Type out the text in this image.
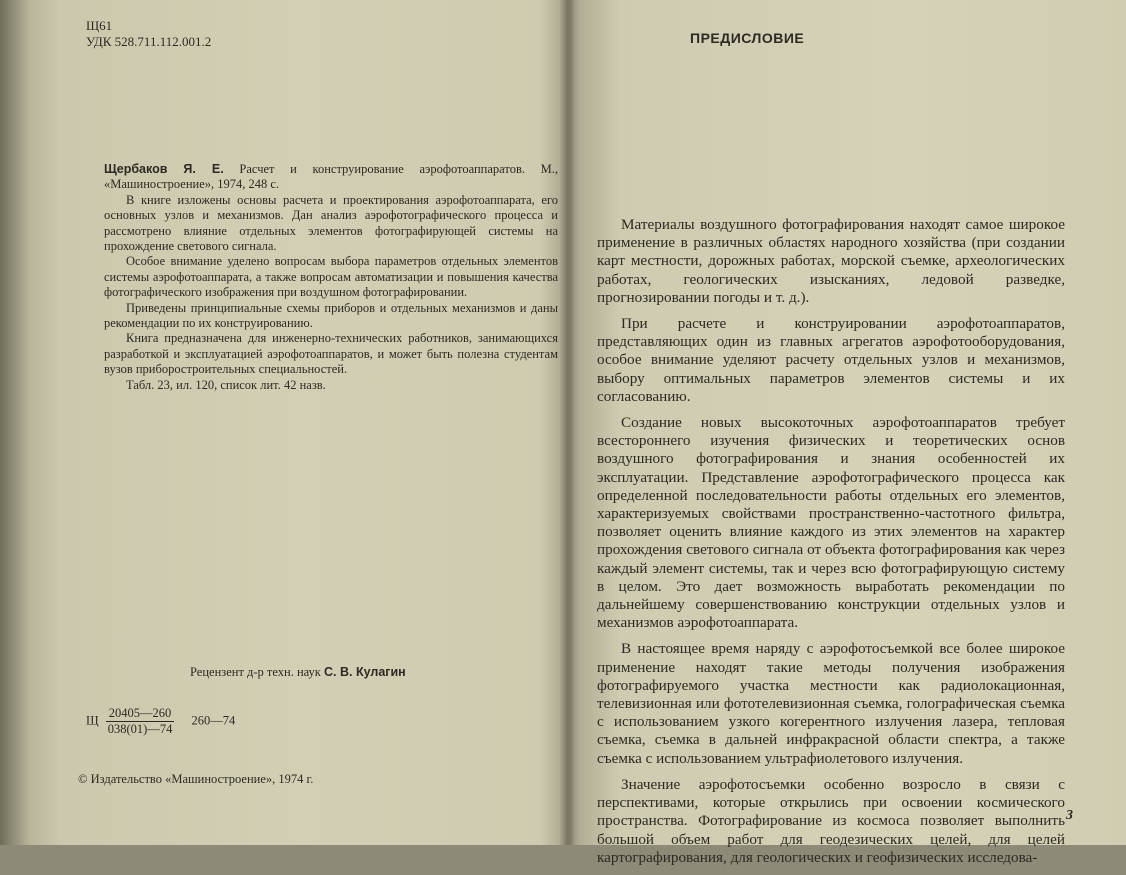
Щ61
УДК 528.711.112.001.2

Щербаков Я. Е. Расчет и конструирование аэрофотоаппаратов. М., «Машиностроение», 1974, 248 с.

В книге изложены основы расчета и проектирования аэрофотоаппарата, его основных узлов и механизмов. Дан анализ аэрофотографического процесса и рассмотрено влияние отдельных элементов фотографирующей системы на прохождение светового сигнала.

Особое внимание уделено вопросам выбора параметров отдельных элементов системы аэрофотоаппарата, а также вопросам автоматизации и повышения качества фотографического изображения при воздушном фотографировании.

Приведены принципиальные схемы приборов и отдельных механизмов и даны рекомендации по их конструированию.

Книга предназначена для инженерно-технических работников, занимающихся разработкой и эксплуатацией аэрофотоаппаратов, и может быть полезна студентам вузов приборостроительных специальностей.

Табл. 23, ил. 120, список лит. 42 назв.

Рецензент д-р техн. наук С. В. Кулагин
Щ $\frac{20405—260}{038(01)—74}$ 260—74
© Издательство «Машиностроение», 1974 г.
ПРЕДИСЛОВИЕ

Материалы воздушного фотографирования находят самое широкое применение в различных областях народного хозяйства (при создании карт местности, дорожных работах, морской съемке, археологических работах, геологических изысканиях, ледовой разведке, прогнозировании погоды и т. д.).

При расчете и конструировании аэрофотоаппаратов, представляющих один из главных агрегатов аэрофотооборудования, особое внимание уделяют расчету отдельных узлов и механизмов, выбору оптимальных параметров элементов системы и их согласованию.

Создание новых высокоточных аэрофотоаппаратов требует всестороннего изучения физических и теоретических основ воздушного фотографирования и знания особенностей их эксплуатации. Представление аэрофотографического процесса как определенной последовательности работы отдельных его элементов, характеризуемых свойствами пространственно-частотного фильтра, позволяет оценить влияние каждого из этих элементов на характер прохождения светового сигнала от объекта фотографирования как через каждый элемент системы, так и через всю фотографирующую систему в целом. Это дает возможность выработать рекомендации по дальнейшему совершенствованию конструкции отдельных узлов и механизмов аэрофотоаппарата.

В настоящее время наряду с аэрофотосъемкой все более широкое применение находят такие методы получения изображения фотографируемого участка местности как радиолокационная, телевизионная или фототелевизионная съемка, голографическая съемка с использованием узкого когерентного излучения лазера, тепловая съемка, съемка в дальней инфракрасной области спектра, а также съемка с использованием ультрафиолетового излучения.

Значение аэрофотосъемки особенно возросло в связи с перспективами, которые открылись при освоении космического пространства. Фотографирование из космоса позволяет выполнить большой объем работ для геодезических целей, для целей картографирования, для геологических и геофизических исследова-

3
